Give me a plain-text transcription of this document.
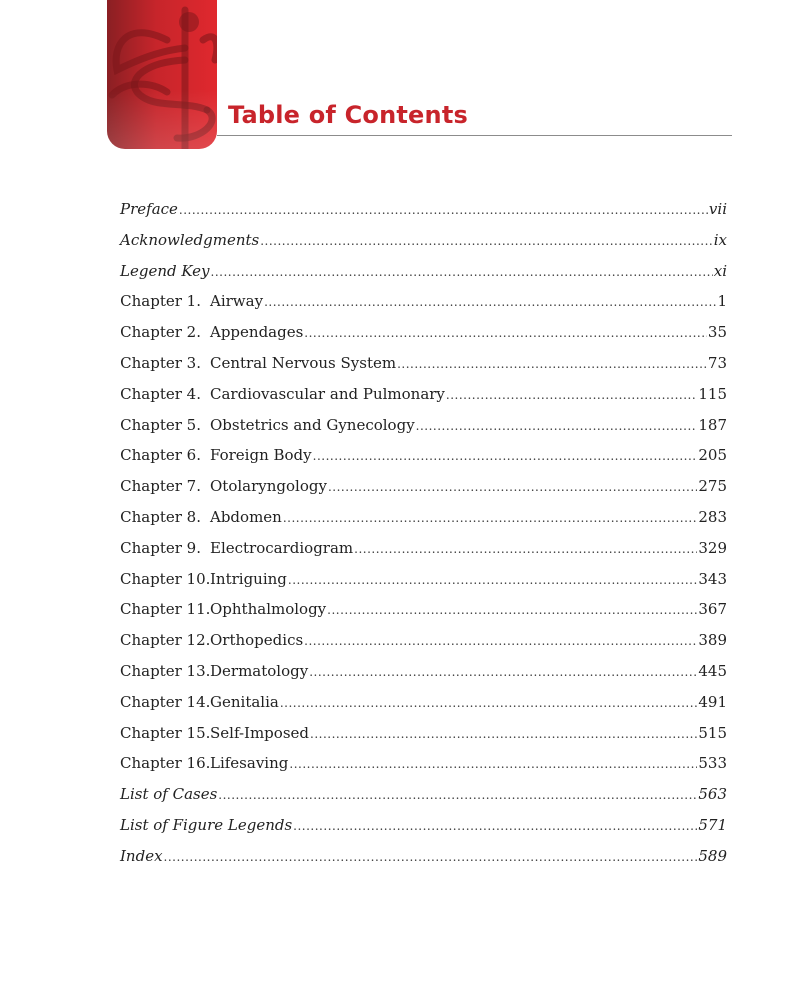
Table of Contents
Preface .....	vii
Acknowledgments .....	ix
Legend Key .....	xi
Chapter 1. Airway .....	1
Chapter 2. Appendages .....	35
Chapter 3. Central Nervous System .....	73
Chapter 4. Cardiovascular and Pulmonary .....	115
Chapter 5. Obstetrics and Gynecology .....	187
Chapter 6. Foreign Body .....	205
Chapter 7. Otolaryngology .....	275
Chapter 8. Abdomen .....	283
Chapter 9. Electrocardiogram .....	329
Chapter 10. Intriguing .....	343
Chapter 11. Ophthalmology .....	367
Chapter 12. Orthopedics .....	389
Chapter 13. Dermatology .....	445
Chapter 14. Genitalia .....	491
Chapter 15. Self-Imposed .....	515
Chapter 16. Lifesaving .....	533
List of Cases .....	563
List of Figure Legends .....	571
Index .....	589
